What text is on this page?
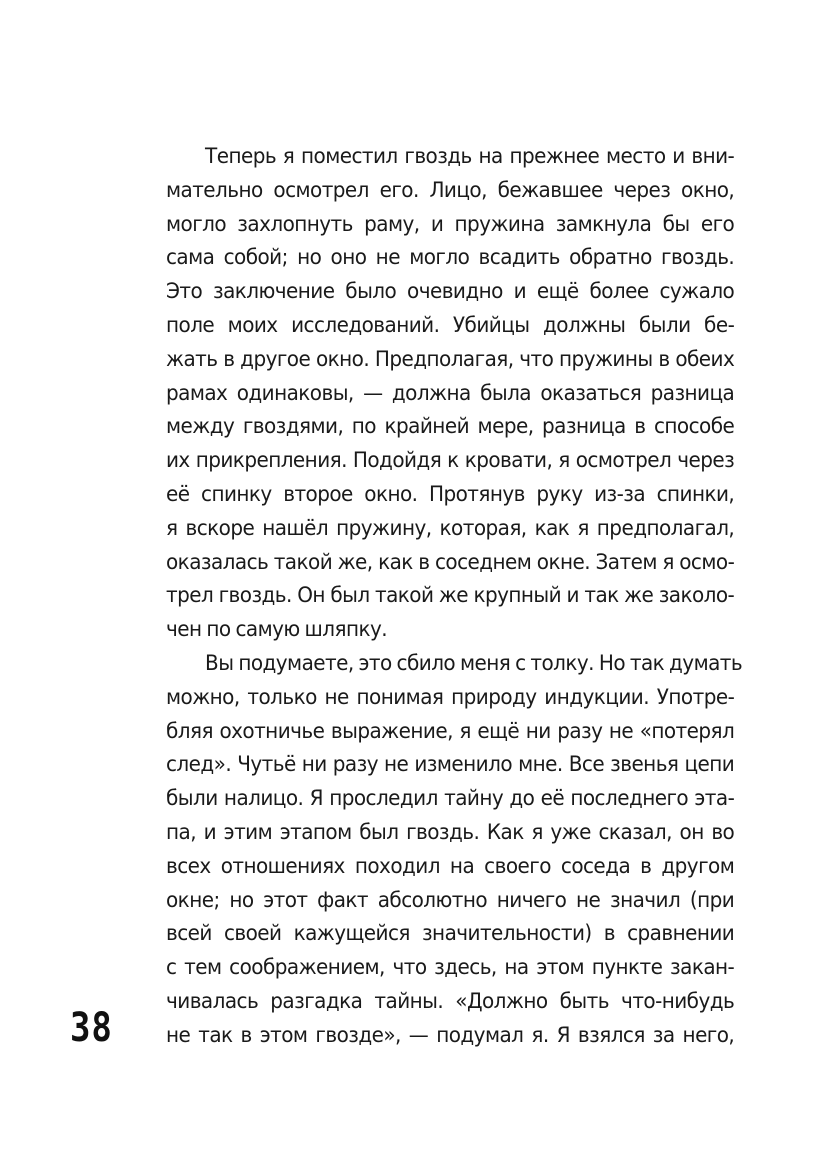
Теперь я поместил гвоздь на прежнее место и вни-
мательно осмотрел его. Лицо, бежавшее через окно,
могло захлопнуть раму, и пружина замкнула бы его
сама собой; но оно не могло всадить обратно гвоздь.
Это заключение было очевидно и ещё более сужало
поле моих исследований. Убийцы должны были бе-
жать в другое окно. Предполагая, что пружины в обеих
рамах одинаковы, — должна была оказаться разница
между гвоздями, по крайней мере, разница в способе
их прикрепления. Подойдя к кровати, я осмотрел через
её спинку второе окно. Протянув руку из-за спинки,
я вскоре нашёл пружину, которая, как я предполагал,
оказалась такой же, как в соседнем окне. Затем я осмо-
трел гвоздь. Он был такой же крупный и так же заколо-
чен по самую шляпку.
Вы подумаете, это сбило меня с толку. Но так думать
можно, только не понимая природу индукции. Употре-
бляя охотничье выражение, я ещё ни разу не «потерял
след». Чутьё ни разу не изменило мне. Все звенья цепи
были налицо. Я проследил тайну до её последнего эта-
па, и этим этапом был гвоздь. Как я уже сказал, он во
всех отношениях походил на своего соседа в другом
окне; но этот факт абсолютно ничего не значил (при
всей своей кажущейся значительности) в сравнении
с тем соображением, что здесь, на этом пункте закан-
чивалась разгадка тайны. «Должно быть что-нибудь
не так в этом гвозде», — подумал я. Я взялся за него,
38
